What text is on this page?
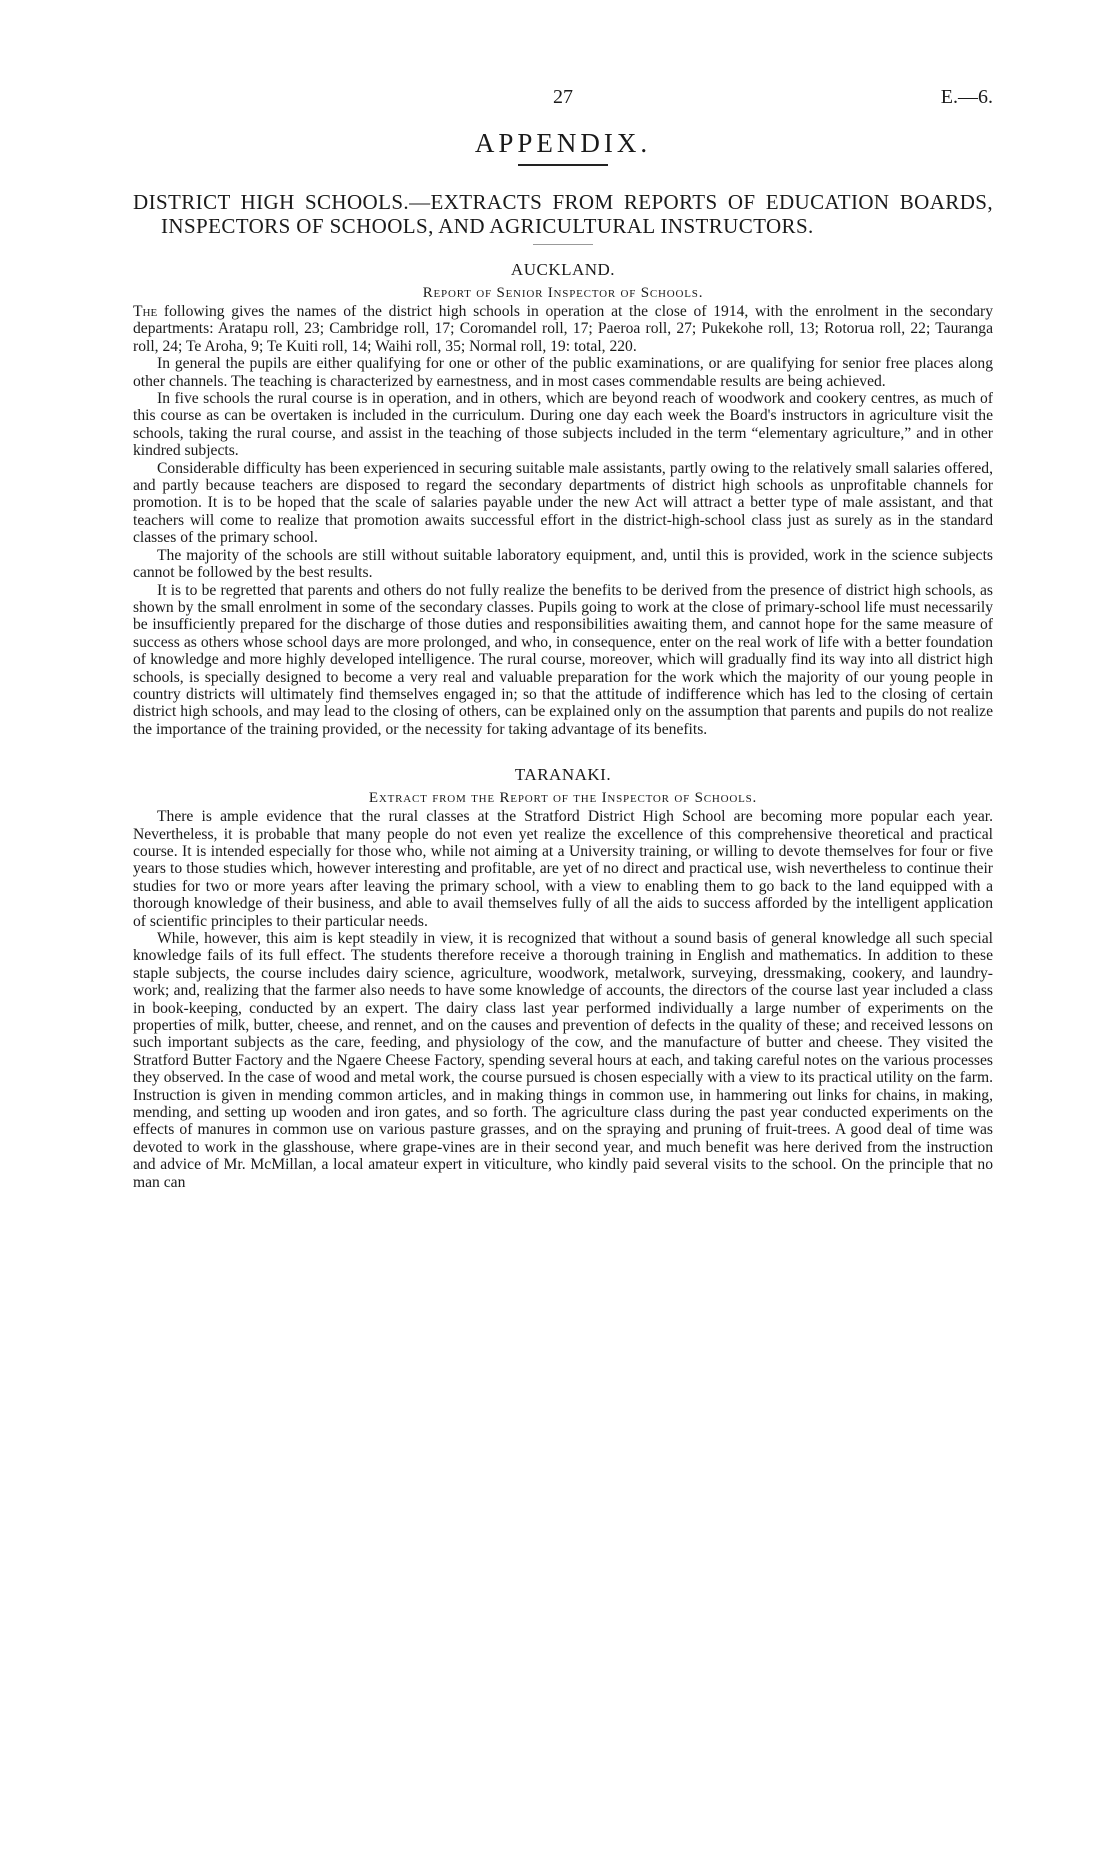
27	E.—6.
APPENDIX.
DISTRICT HIGH SCHOOLS.—EXTRACTS FROM REPORTS OF EDUCATION BOARDS, INSPECTORS OF SCHOOLS, AND AGRICULTURAL INSTRUCTORS.
AUCKLAND.
Report of Senior Inspector of Schools.

The following gives the names of the district high schools in operation at the close of 1914, with the enrolment in the secondary departments: Aratapu roll, 23; Cambridge roll, 17; Coromandel roll, 17; Paeroa roll, 27; Pukekohe roll, 13; Rotorua roll, 22; Tauranga roll, 24; Te Aroha, 9; Te Kuiti roll, 14; Waihi roll, 35; Normal roll, 19: total, 220.

In general the pupils are either qualifying for one or other of the public examinations, or are qualifying for senior free places along other channels. The teaching is characterized by earnestness, and in most cases commendable results are being achieved.

In five schools the rural course is in operation, and in others, which are beyond reach of woodwork and cookery centres, as much of this course as can be overtaken is included in the curriculum. During one day each week the Board's instructors in agriculture visit the schools, taking the rural course, and assist in the teaching of those subjects included in the term “elementary agriculture,” and in other kindred subjects.

Considerable difficulty has been experienced in securing suitable male assistants, partly owing to the relatively small salaries offered, and partly because teachers are disposed to regard the secondary departments of district high schools as unprofitable channels for promotion. It is to be hoped that the scale of salaries payable under the new Act will attract a better type of male assistant, and that teachers will come to realize that promotion awaits successful effort in the district-high-school class just as surely as in the standard classes of the primary school.

The majority of the schools are still without suitable laboratory equipment, and, until this is provided, work in the science subjects cannot be followed by the best results.

It is to be regretted that parents and others do not fully realize the benefits to be derived from the presence of district high schools, as shown by the small enrolment in some of the secondary classes. Pupils going to work at the close of primary-school life must necessarily be insufficiently prepared for the discharge of those duties and responsibilities awaiting them, and cannot hope for the same measure of success as others whose school days are more prolonged, and who, in consequence, enter on the real work of life with a better foundation of knowledge and more highly developed intelligence. The rural course, moreover, which will gradually find its way into all district high schools, is specially designed to become a very real and valuable preparation for the work which the majority of our young people in country districts will ultimately find themselves engaged in; so that the attitude of indifference which has led to the closing of certain district high schools, and may lead to the closing of others, can be explained only on the assumption that parents and pupils do not realize the importance of the training provided, or the necessity for taking advantage of its benefits.

TARANAKI.
Extract from the Report of the Inspector of Schools.

There is ample evidence that the rural classes at the Stratford District High School are becoming more popular each year. Nevertheless, it is probable that many people do not even yet realize the excellence of this comprehensive theoretical and practical course. It is intended especially for those who, while not aiming at a University training, or willing to devote themselves for four or five years to those studies which, however interesting and profitable, are yet of no direct and practical use, wish nevertheless to continue their studies for two or more years after leaving the primary school, with a view to enabling them to go back to the land equipped with a thorough knowledge of their business, and able to avail themselves fully of all the aids to success afforded by the intelligent application of scientific principles to their particular needs.

While, however, this aim is kept steadily in view, it is recognized that without a sound basis of general knowledge all such special knowledge fails of its full effect. The students therefore receive a thorough training in English and mathematics. In addition to these staple subjects, the course includes dairy science, agriculture, woodwork, metalwork, surveying, dressmaking, cookery, and laundry-work; and, realizing that the farmer also needs to have some knowledge of accounts, the directors of the course last year included a class in book-keeping, conducted by an expert. The dairy class last year performed individually a large number of experiments on the properties of milk, butter, cheese, and rennet, and on the causes and prevention of defects in the quality of these; and received lessons on such important subjects as the care, feeding, and physiology of the cow, and the manufacture of butter and cheese. They visited the Stratford Butter Factory and the Ngaere Cheese Factory, spending several hours at each, and taking careful notes on the various processes they observed. In the case of wood and metal work, the course pursued is chosen especially with a view to its practical utility on the farm. Instruction is given in mending common articles, and in making things in common use, in hammering out links for chains, in making, mending, and setting up wooden and iron gates, and so forth. The agriculture class during the past year conducted experiments on the effects of manures in common use on various pasture grasses, and on the spraying and pruning of fruit-trees. A good deal of time was devoted to work in the glasshouse, where grape-vines are in their second year, and much benefit was here derived from the instruction and advice of Mr. McMillan, a local amateur expert in viticulture, who kindly paid several visits to the school. On the principle that no man can
